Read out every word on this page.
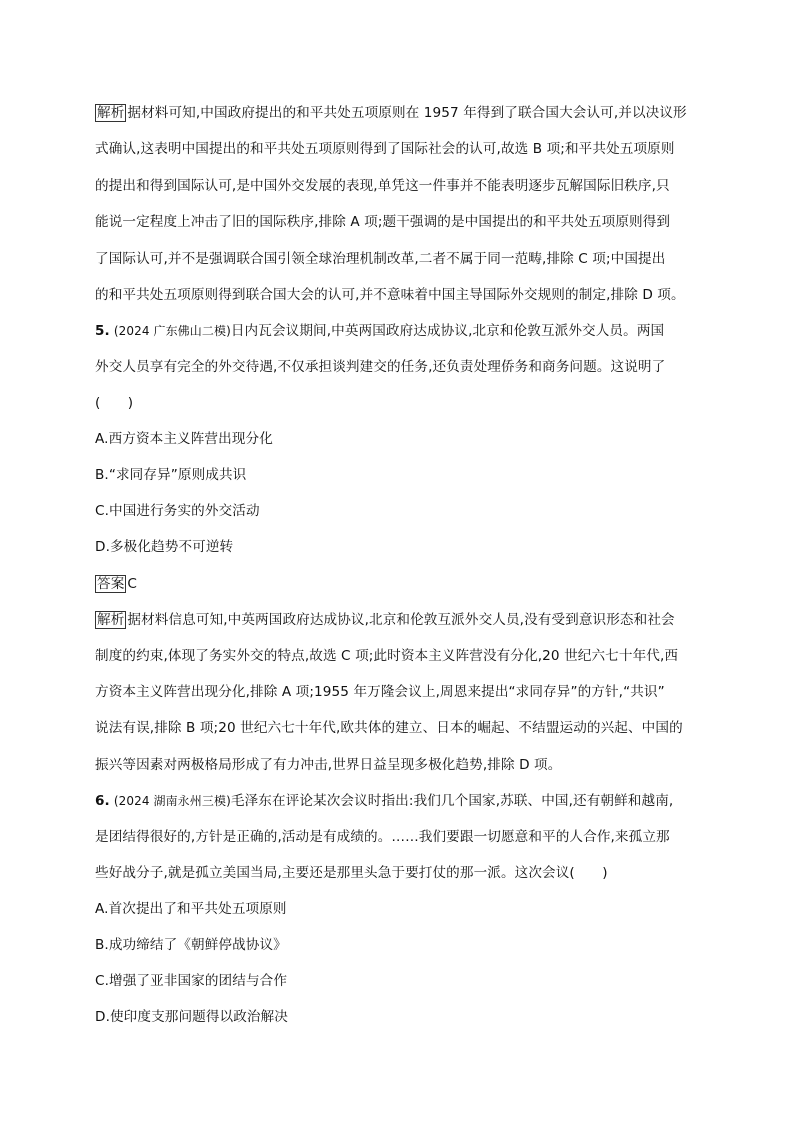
解析 据材料可知,中国政府提出的和平共处五项原则在 1957 年得到了联合国大会认可,并以决议形
式确认,这表明中国提出的和平共处五项原则得到了国际社会的认可,故选 B 项;和平共处五项原则
的提出和得到国际认可,是中国外交发展的表现,单凭这一件事并不能表明逐步瓦解国际旧秩序,只
能说一定程度上冲击了旧的国际秩序,排除 A 项;题干强调的是中国提出的和平共处五项原则得到
了国际认可,并不是强调联合国引领全球治理机制改革,二者不属于同一范畴,排除 C 项;中国提出
的和平共处五项原则得到联合国大会的认可,并不意味着中国主导国际外交规则的制定,排除 D 项。
5. (2024 广东佛山二模)日内瓦会议期间,中英两国政府达成协议,北京和伦敦互派外交人员。两国
外交人员享有完全的外交待遇,不仅承担谈判建交的任务,还负责处理侨务和商务问题。这说明了
(　　)
A.西方资本主义阵营出现分化
B.“求同存异”原则成共识
C.中国进行务实的外交活动
D.多极化趋势不可逆转
答案 C
解析 据材料信息可知,中英两国政府达成协议,北京和伦敦互派外交人员,没有受到意识形态和社会
制度的约束,体现了务实外交的特点,故选 C 项;此时资本主义阵营没有分化,20 世纪六七十年代,西
方资本主义阵营出现分化,排除 A 项;1955 年万隆会议上,周恩来提出“求同存异”的方针,“共识”
说法有误,排除 B 项;20 世纪六七十年代,欧共体的建立、日本的崛起、不结盟运动的兴起、中国的
振兴等因素对两极格局形成了有力冲击,世界日益呈现多极化趋势,排除 D 项。
6. (2024 湖南永州三模)毛泽东在评论某次会议时指出:我们几个国家,苏联、中国,还有朝鲜和越南,
是团结得很好的,方针是正确的,活动是有成绩的。……我们要跟一切愿意和平的人合作,来孤立那
些好战分子,就是孤立美国当局,主要还是那里头急于要打仗的那一派。这次会议(　　)
A.首次提出了和平共处五项原则
B.成功缔结了《朝鲜停战协议》
C.增强了亚非国家的团结与合作
D.使印度支那问题得以政治解决
